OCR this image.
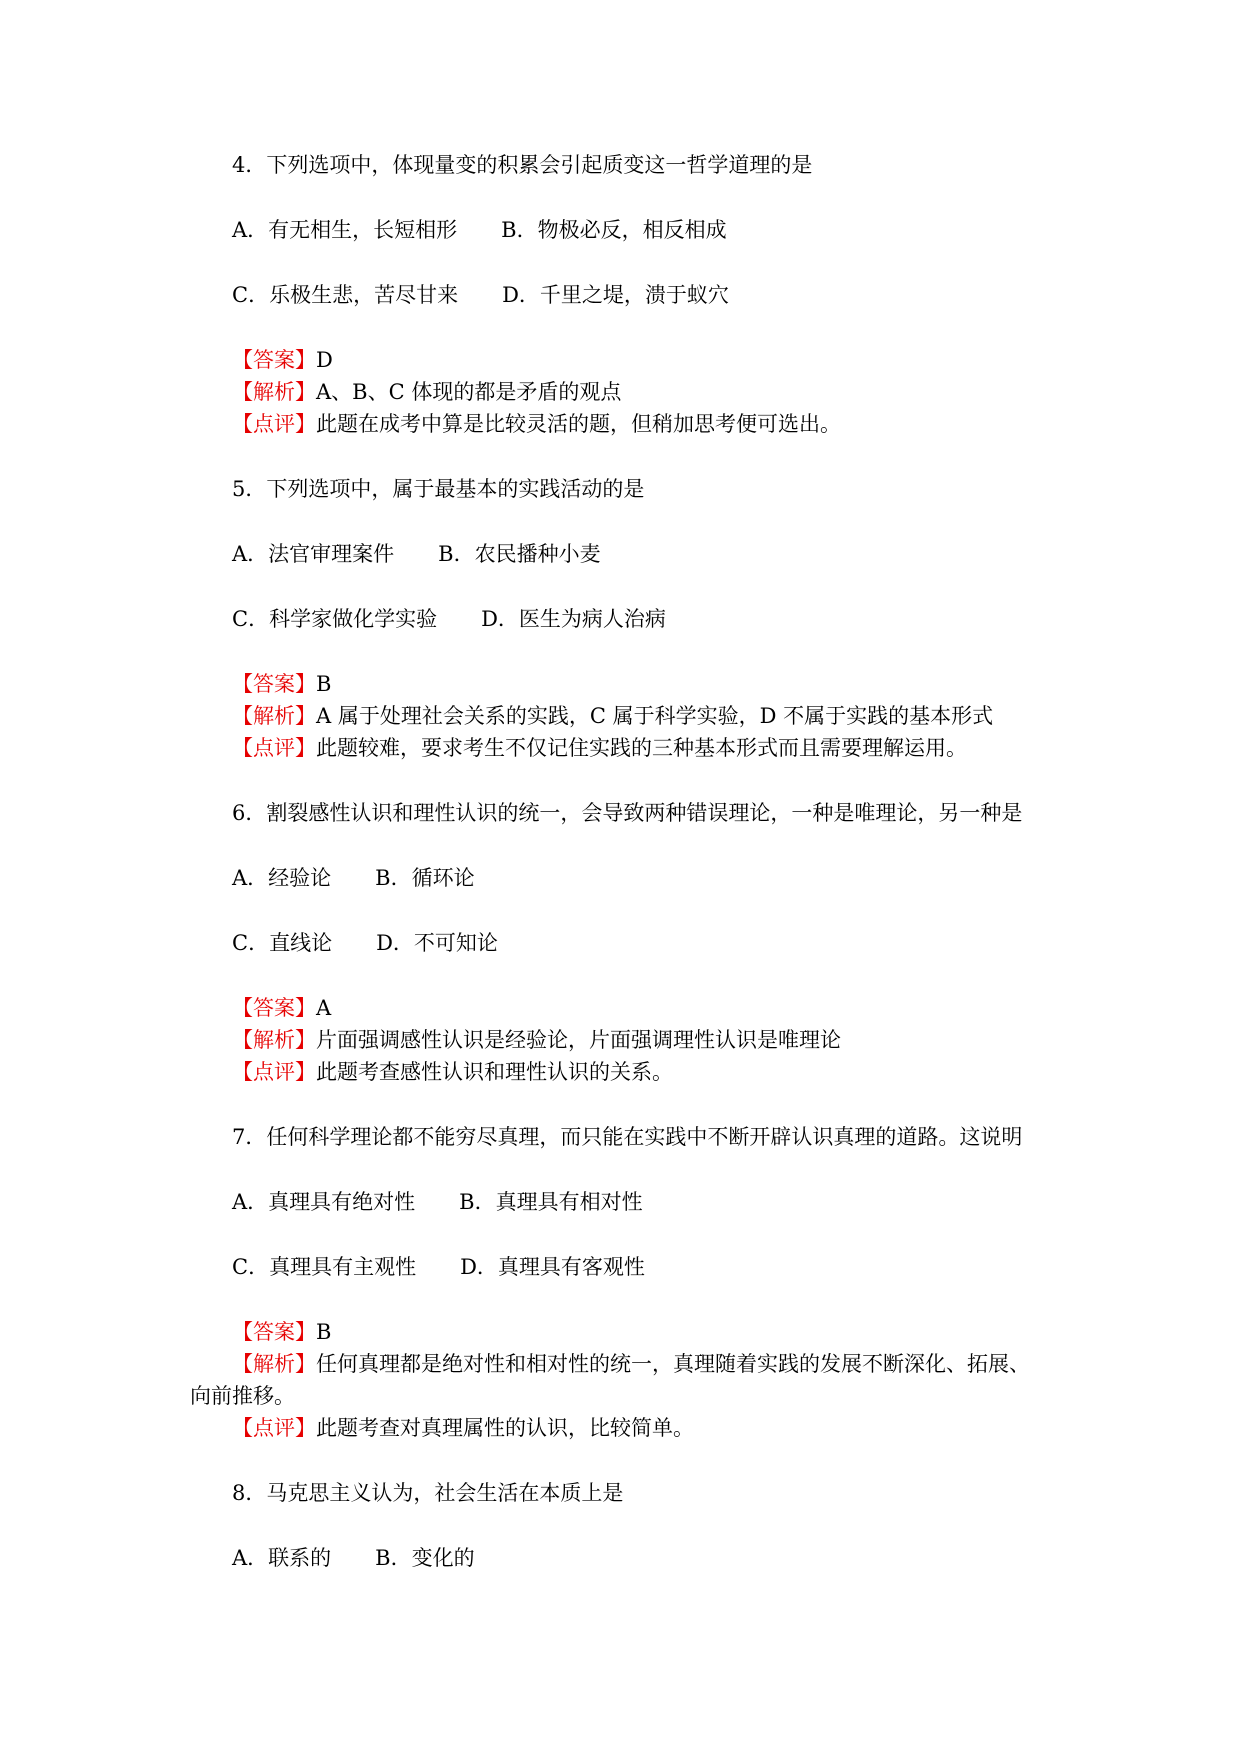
4．下列选项中，体现量变的积累会引起质变这一哲学道理的是
A．有无相生，长短相形 B．物极必反，相反相成
C．乐极生悲，苦尽甘来 D．千里之堤，溃于蚁穴
【答案】D
【解析】A、B、C 体现的都是矛盾的观点
【点评】此题在成考中算是比较灵活的题，但稍加思考便可选出。
5．下列选项中，属于最基本的实践活动的是
A．法官审理案件 B．农民播种小麦
C．科学家做化学实验 D．医生为病人治病
【答案】B
【解析】A 属于处理社会关系的实践，C 属于科学实验，D 不属于实践的基本形式
【点评】此题较难，要求考生不仅记住实践的三种基本形式而且需要理解运用。
6．割裂感性认识和理性认识的统一，会导致两种错误理论，一种是唯理论，另一种是
A．经验论 B．循环论
C．直线论 D．不可知论
【答案】A
【解析】片面强调感性认识是经验论，片面强调理性认识是唯理论
【点评】此题考查感性认识和理性认识的关系。
7．任何科学理论都不能穷尽真理，而只能在实践中不断开辟认识真理的道路。这说明
A．真理具有绝对性 B．真理具有相对性
C．真理具有主观性 D．真理具有客观性
【答案】B
【解析】任何真理都是绝对性和相对性的统一，真理随着实践的发展不断深化、拓展、
向前推移。
【点评】此题考查对真理属性的认识，比较简单。
8．马克思主义认为，社会生活在本质上是
A．联系的 B．变化的
